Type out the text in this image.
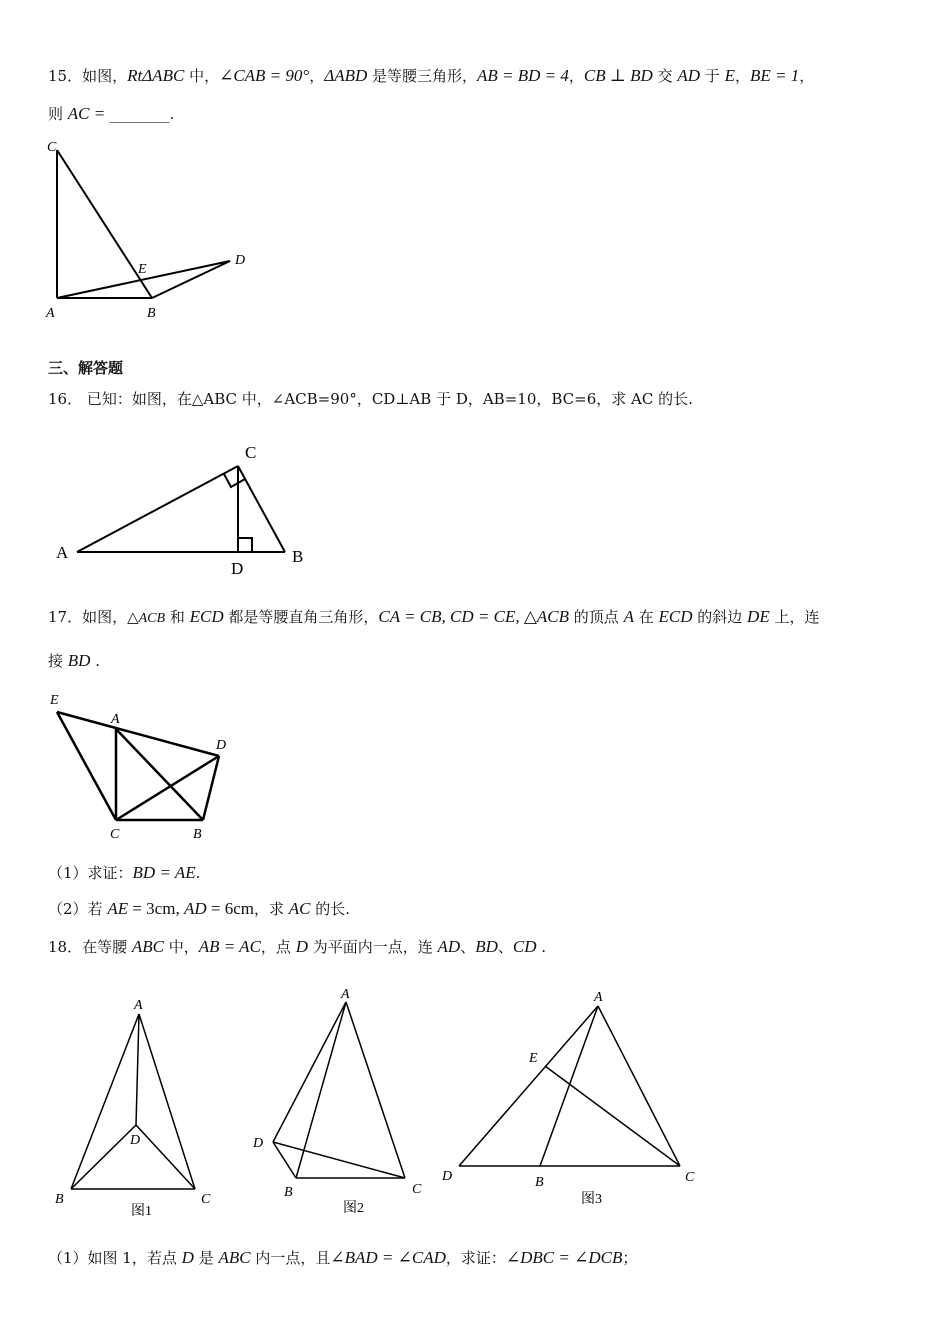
15．如图，RtΔABC 中，∠CAB = 90°，ΔABD 是等腰三角形，AB = BD = 4，CB ⊥ BD 交 AD 于 E，BE = 1，
则 AC = ________.
C
E
D
A	B
三、解答题
16． 已知：如图，在△ABC 中，∠ACB=90°，CD⊥AB 于 D，AB=10，BC=6，求 AC 的长.
C
A
D
B
17．如图，△ACB 和 ECD 都是等腰直角三角形，CA = CB, CD = CE, △ACB 的顶点 A 在 ECD 的斜边 DE 上，连
接 BD .
E
A
D
C	B
（1）求证：BD = AE.
（2）若 AE = 3cm, AD = 6cm，求 AC 的长.
18．在等腰 ABC 中，AB = AC，点 D 为平面内一点，连 AD、BD、CD .
A
D
B	C
图1
A
D
B	C
图2
A
E
D	B	C
图3
（1）如图 1，若点 D 是 ABC 内一点，且∠BAD = ∠CAD，求证：∠DBC = ∠DCB；
